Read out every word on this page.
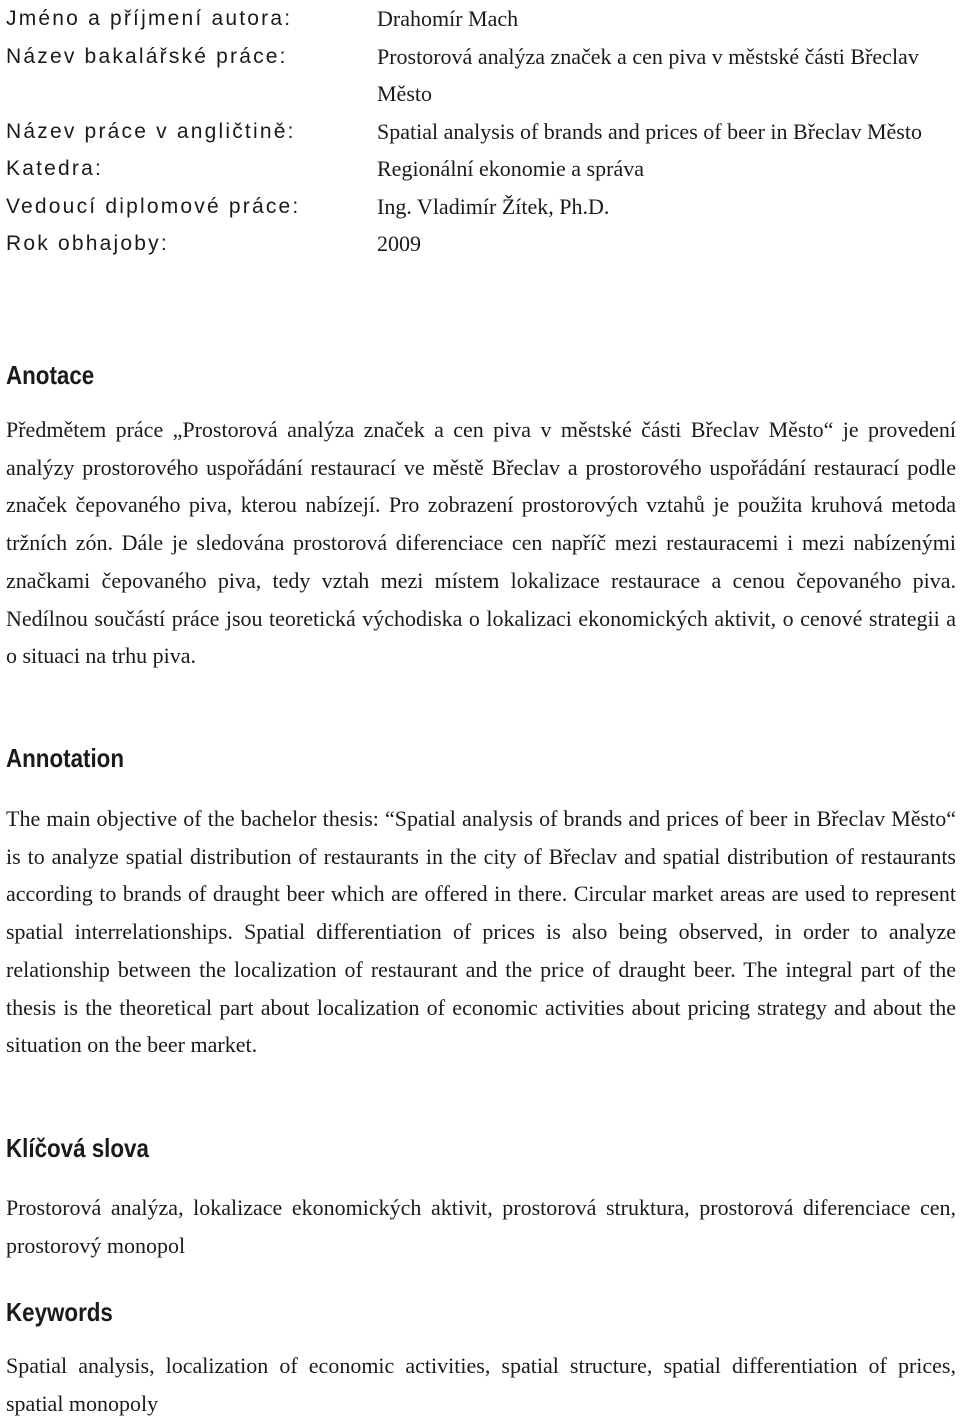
Jméno a příjmení autora:	Drahomír Mach
Název bakalářské práce:	Prostorová analýza značek a cen piva v městské části Břeclav Město
Název práce v angličtině:	Spatial analysis of brands and prices of beer in Břeclav Město
Katedra:	Regionální ekonomie a správa
Vedoucí diplomové práce:	Ing. Vladimír Žítek, Ph.D.
Rok obhajoby:	2009
Anotace

Předmětem práce „Prostorová analýza značek a cen piva v městské části Břeclav Město“ je provedení analýzy prostorového uspořádání restaurací ve městě Břeclav a prostorového uspořádání restaurací podle značek čepovaného piva, kterou nabízejí. Pro zobrazení prostorových vztahů je použita kruhová metoda tržních zón. Dále je sledována prostorová diferenciace cen napříč mezi restauracemi i mezi nabízenými značkami čepovaného piva, tedy vztah mezi místem lokalizace restaurace a cenou čepovaného piva. Nedílnou součástí práce jsou teoretická východiska o lokalizaci ekonomických aktivit, o cenové strategii a o situaci na trhu piva.

Annotation

The main objective of the bachelor thesis: “Spatial analysis of brands and prices of beer in Břeclav Město“ is to analyze spatial distribution of restaurants in the city of Břeclav and spatial distribution of restaurants according to brands of draught beer which are offered in there. Circular market areas are used to represent spatial interrelationships. Spatial differentiation of prices is also being observed, in order to analyze relationship between the localization of restaurant and the price of draught beer. The integral part of the thesis is the theoretical part about localization of economic activities about pricing strategy and about the situation on the beer market.

Klíčová slova

Prostorová analýza, lokalizace ekonomických aktivit, prostorová struktura, prostorová diferenciace cen, prostorový monopol

Keywords

Spatial analysis, localization of economic activities, spatial structure, spatial differentiation of prices, spatial monopoly
